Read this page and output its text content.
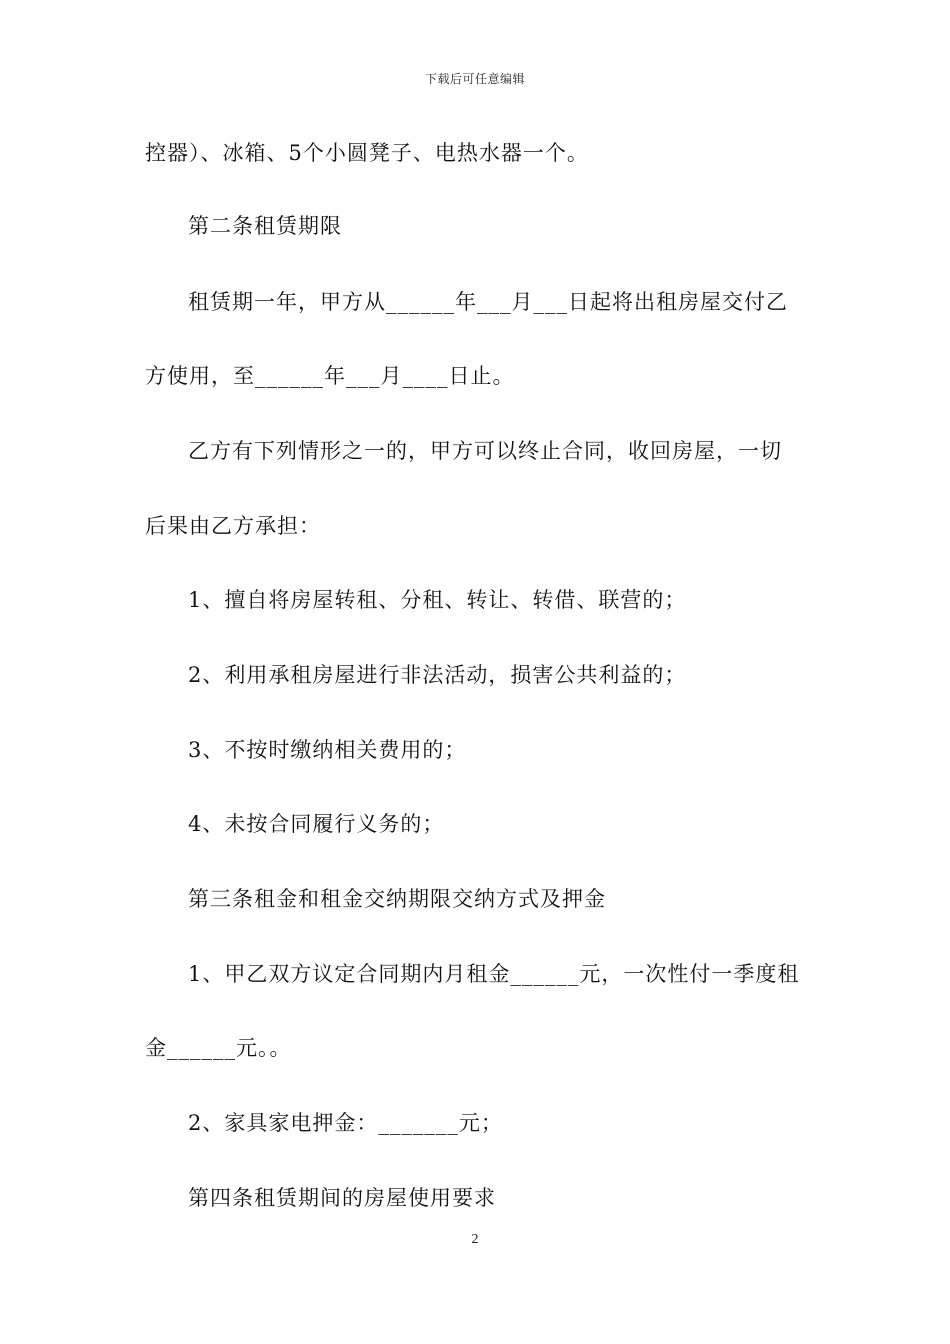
下载后可任意编辑
控器）、冰箱、5个小圆凳子、电热水器一个。
第二条租赁期限
租赁期一年，甲方从______年___月___日起将出租房屋交付乙
方使用，至______年___月____日止。
乙方有下列情形之一的，甲方可以终止合同，收回房屋，一切
后果由乙方承担：
1、擅自将房屋转租、分租、转让、转借、联营的；
2、利用承租房屋进行非法活动，损害公共利益的；
3、不按时缴纳相关费用的；
4、未按合同履行义务的；
第三条租金和租金交纳期限交纳方式及押金
1、甲乙双方议定合同期内月租金______元，一次性付一季度租
金______元。。
2、家具家电押金：_______元；
第四条租赁期间的房屋使用要求
2
